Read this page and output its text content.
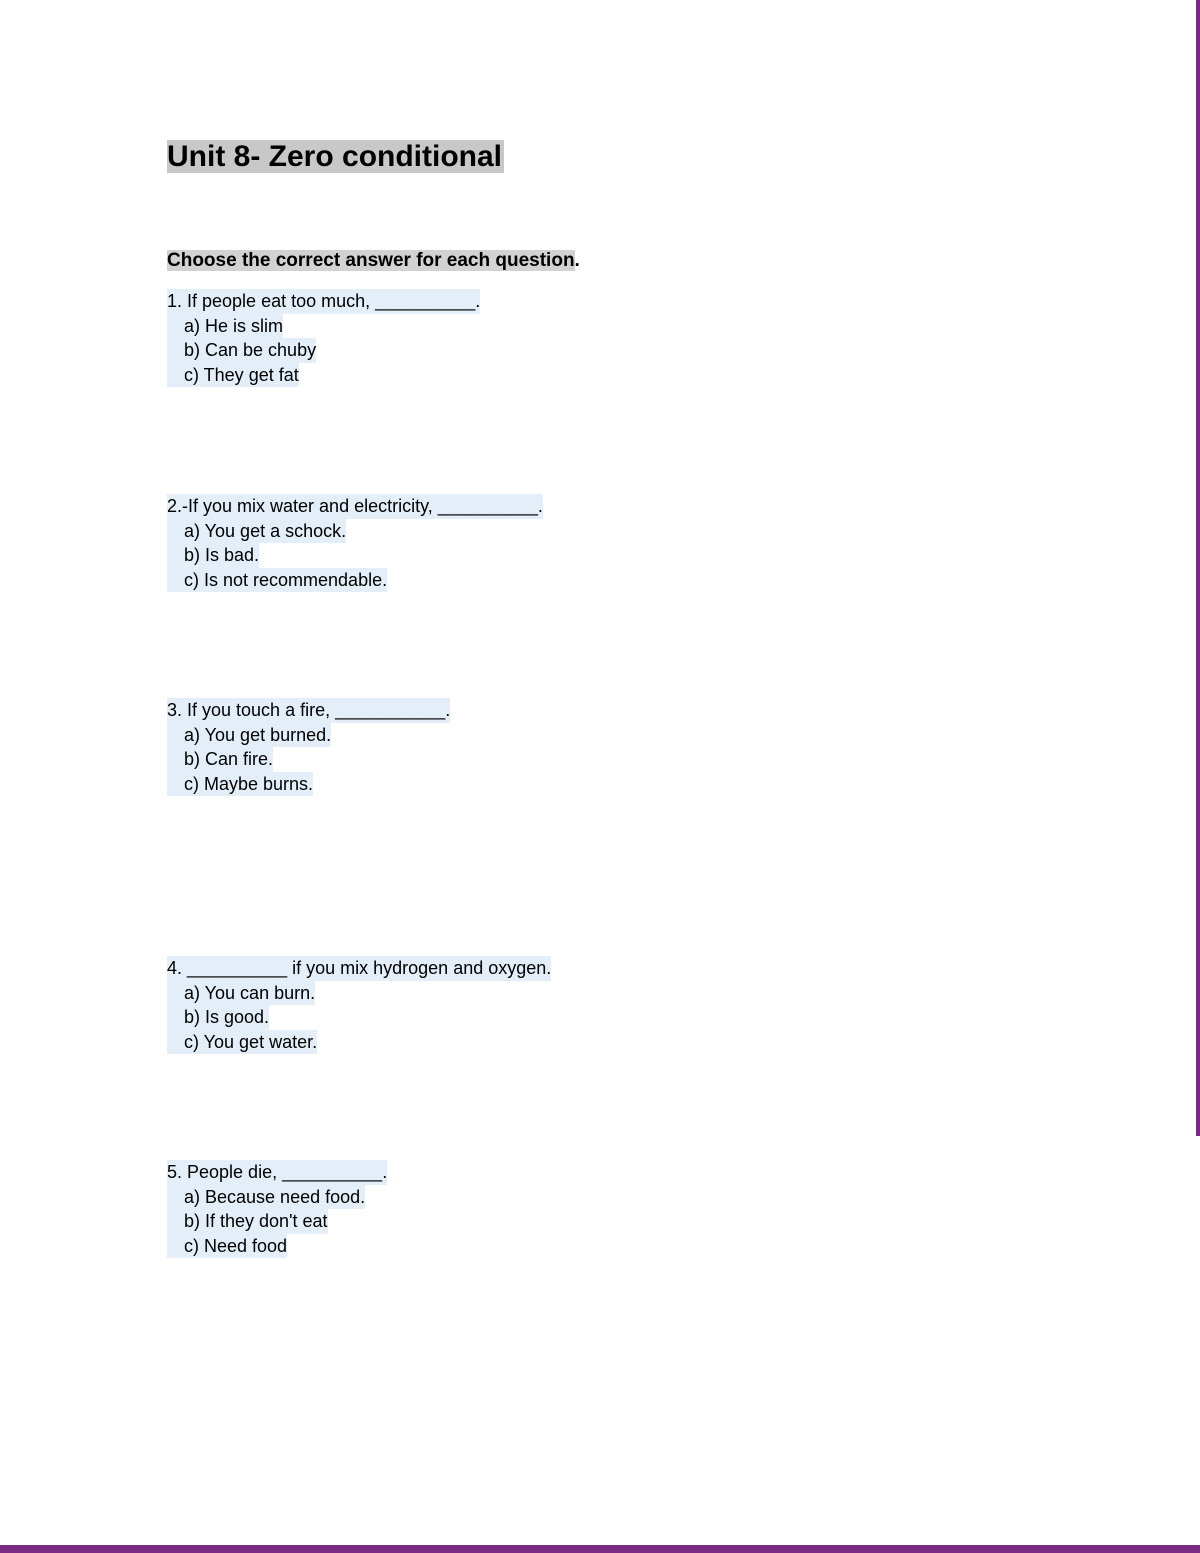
Unit 8- Zero conditional

Choose the correct answer for each question.

1. If people eat too much, __________.
a) He is slim
b) Can be chuby
c) They get fat
2.-If you mix water and electricity, __________.
a) You get a schock.
b) Is bad.
c) Is not recommendable.
3. If you touch a fire, ___________.
a) You get burned.
b) Can fire.
c) Maybe burns.
4. __________ if you mix hydrogen and oxygen.
a) You can burn.
b) Is good.
c) You get water.
5. People die, __________.
a) Because need food.
b) If they don't eat
c) Need food
